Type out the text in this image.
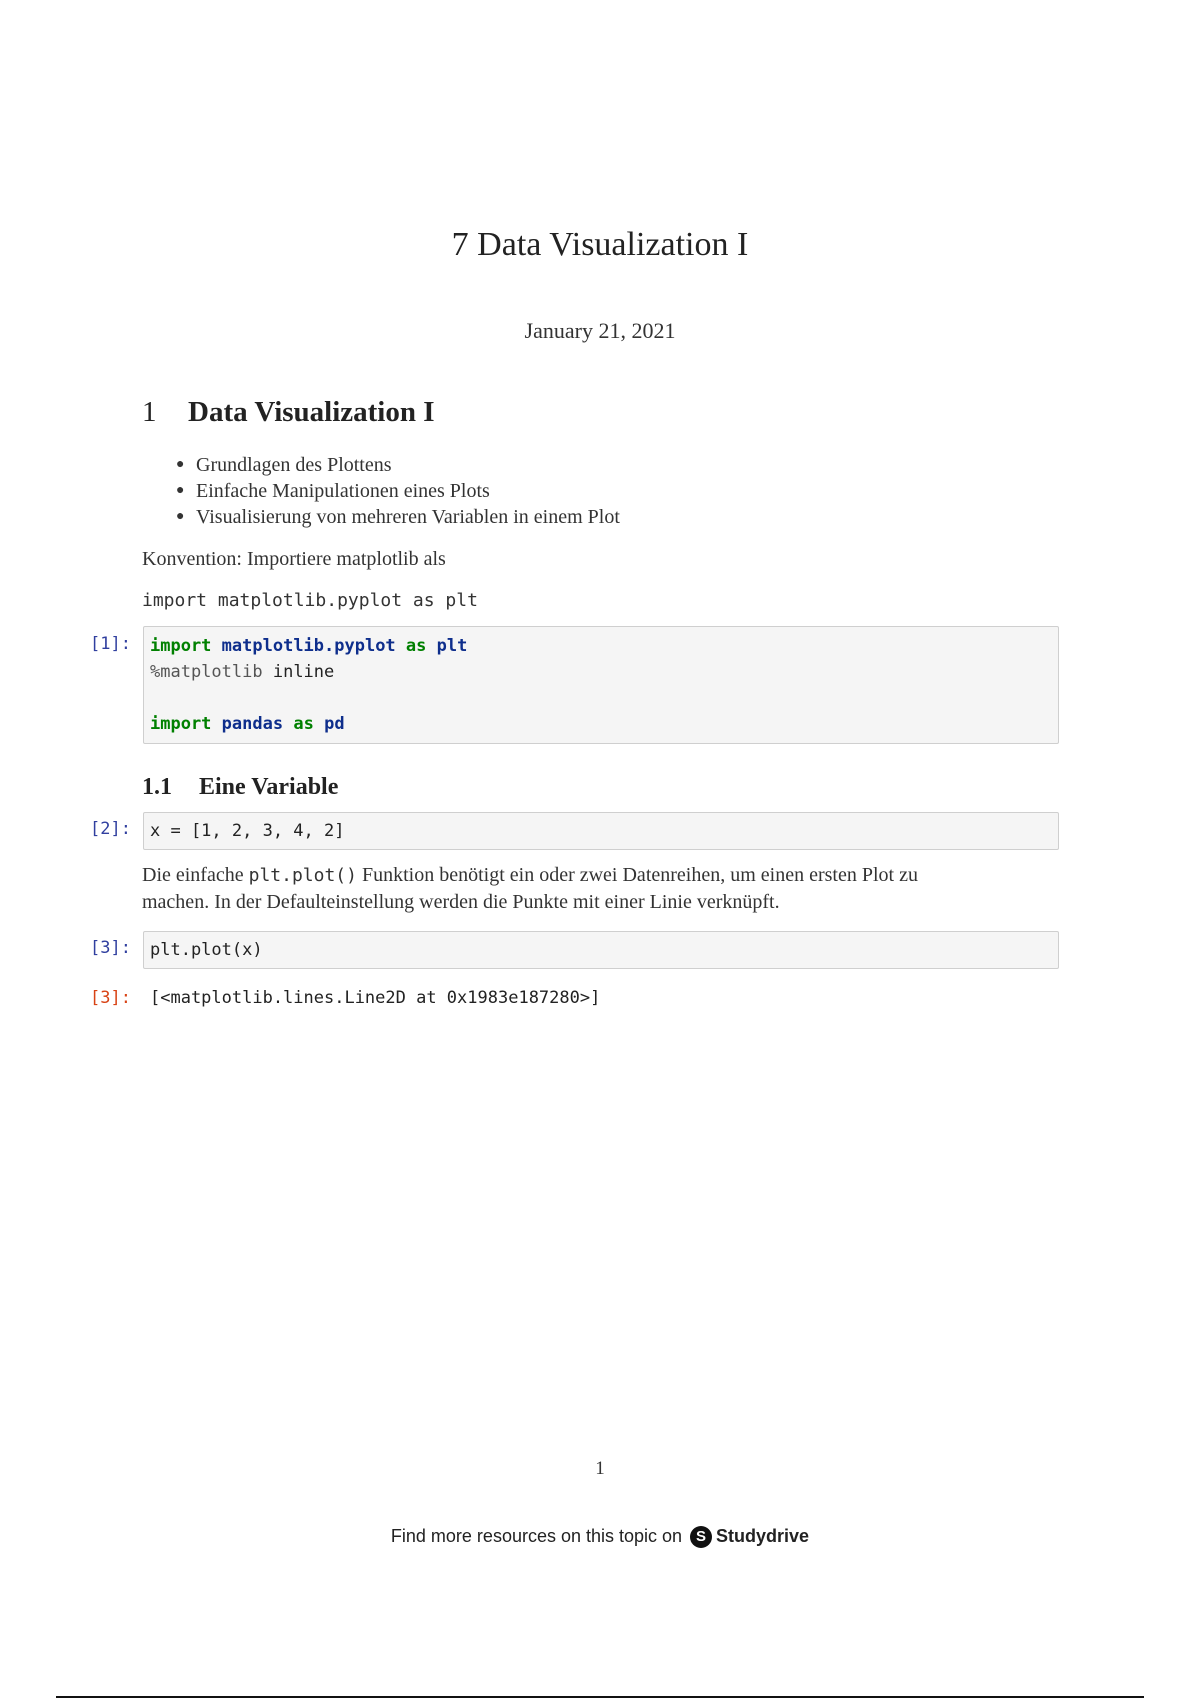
7 Data Visualization I
January 21, 2021
1 Data Visualization I
● Grundlagen des Plottens
● Einfache Manipulationen eines Plots
● Visualisierung von mehreren Variablen in einem Plot
Konvention: Importiere matplotlib als
import matplotlib.pyplot as plt
[1]:	import matplotlib.pyplot as plt
%matplotlib inline
import pandas as pd
1.1 Eine Variable
[2]:	x = [1, 2, 3, 4, 2]
Die einfache plt.plot() Funktion benötigt ein oder zwei Datenreihen, um einen ersten Plot zu
machen. In der Defaulteinstellung werden die Punkte mit einer Linie verknüpft.
[3]:	plt.plot(x)
[3]:	[<matplotlib.lines.Line2D at 0x1983e187280>]
1
Find more resources on this topic on S Studydrive
